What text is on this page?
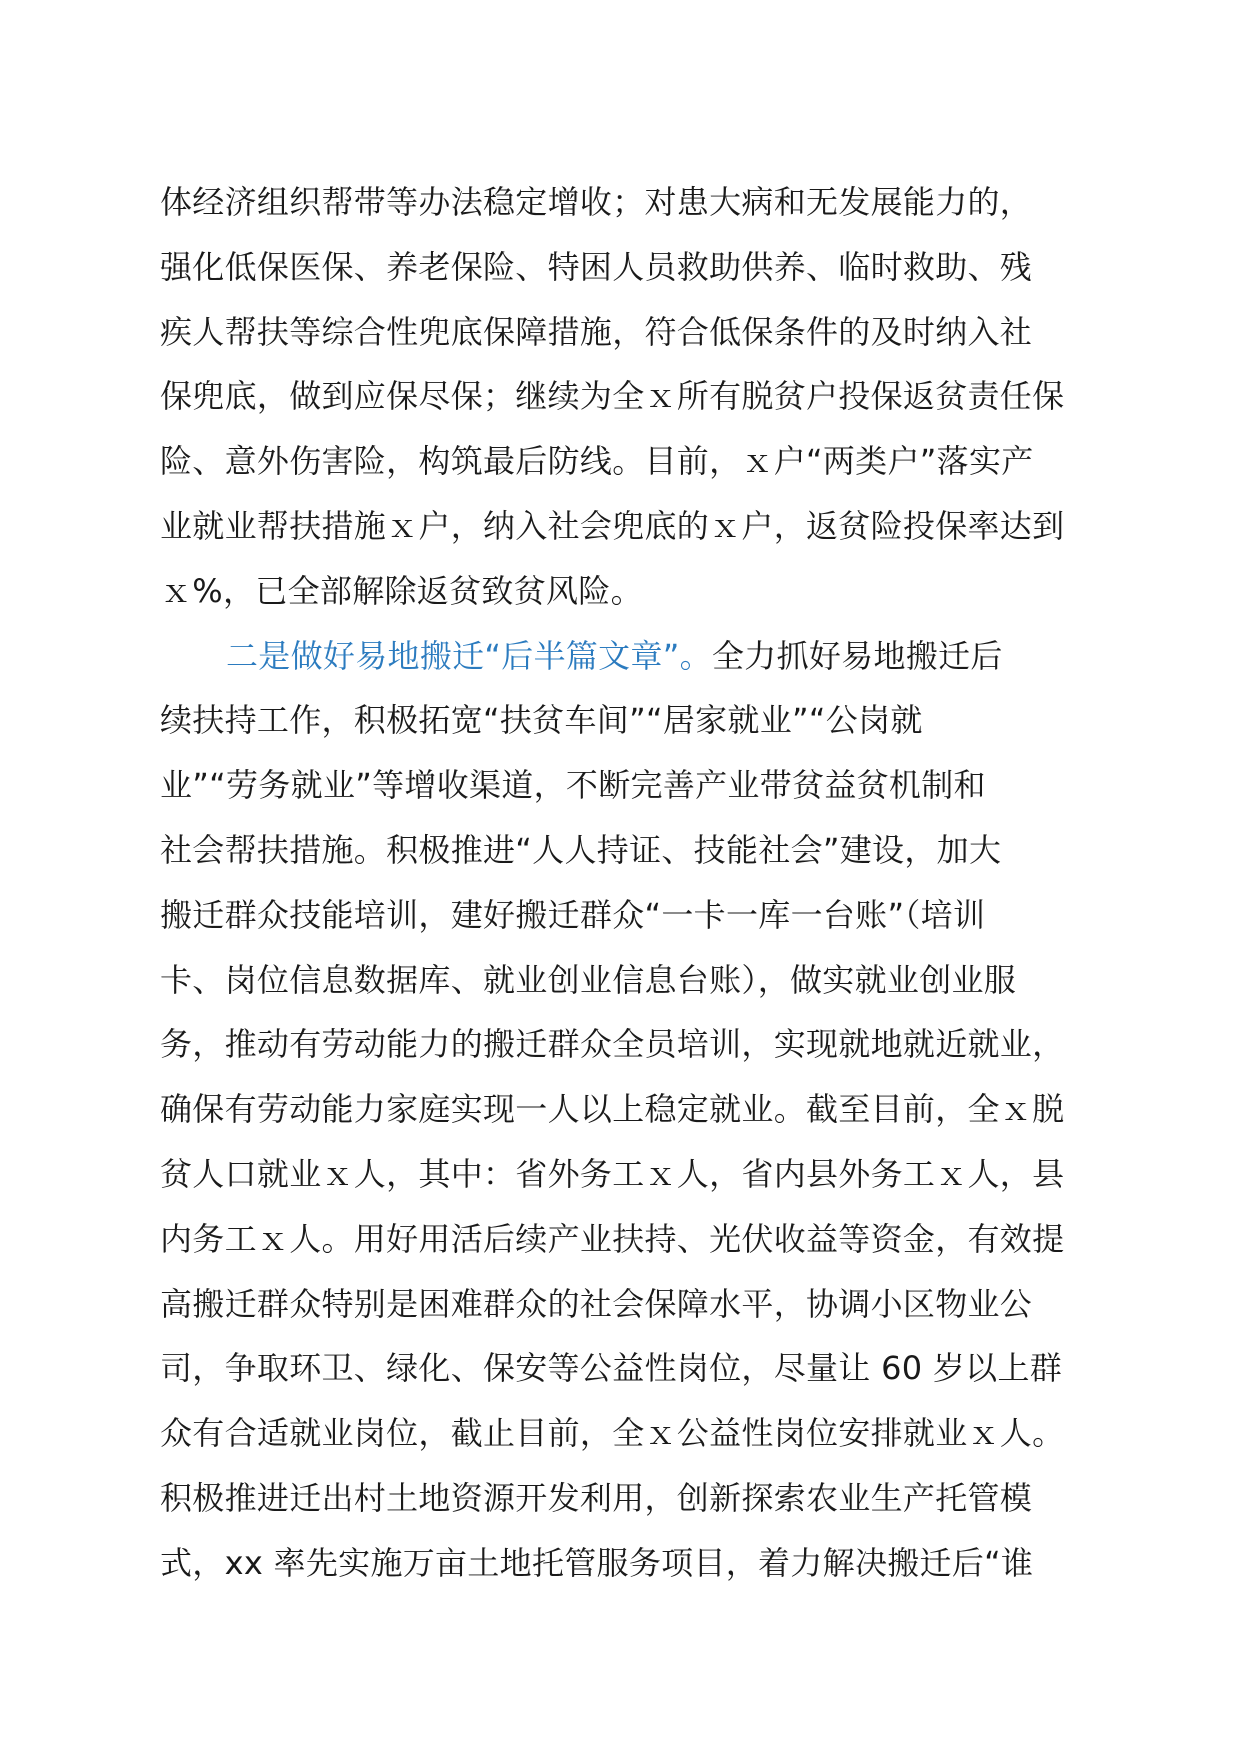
体经济组织帮带等办法稳定增收；对患大病和无发展能力的，
强化低保医保、养老保险、特困人员救助供养、临时救助、残
疾人帮扶等综合性兜底保障措施，符合低保条件的及时纳入社
保兜底，做到应保尽保；继续为全ｘ所有脱贫户投保返贫责任保
险、意外伤害险，构筑最后防线。目前，ｘ户“两类户”落实产
业就业帮扶措施ｘ户，纳入社会兜底的ｘ户，返贫险投保率达到
ｘ%，已全部解除返贫致贫风险。
二是做好易地搬迁“后半篇文章”。全力抓好易地搬迁后
续扶持工作，积极拓宽“扶贫车间”“居家就业”“公岗就
业”“劳务就业”等增收渠道，不断完善产业带贫益贫机制和
社会帮扶措施。积极推进“人人持证、技能社会”建设，加大
搬迁群众技能培训，建好搬迁群众“一卡一库一台账”（培训
卡、岗位信息数据库、就业创业信息台账），做实就业创业服
务，推动有劳动能力的搬迁群众全员培训，实现就地就近就业，
确保有劳动能力家庭实现一人以上稳定就业。截至目前，全ｘ脱
贫人口就业ｘ人，其中：省外务工ｘ人，省内县外务工ｘ人，县
内务工ｘ人。用好用活后续产业扶持、光伏收益等资金，有效提
高搬迁群众特别是困难群众的社会保障水平，协调小区物业公
司，争取环卫、绿化、保安等公益性岗位，尽量让 60 岁以上群
众有合适就业岗位，截止目前，全ｘ公益性岗位安排就业ｘ人。
积极推进迁出村土地资源开发利用，创新探索农业生产托管模
式，xx 率先实施万亩土地托管服务项目，着力解决搬迁后“谁
